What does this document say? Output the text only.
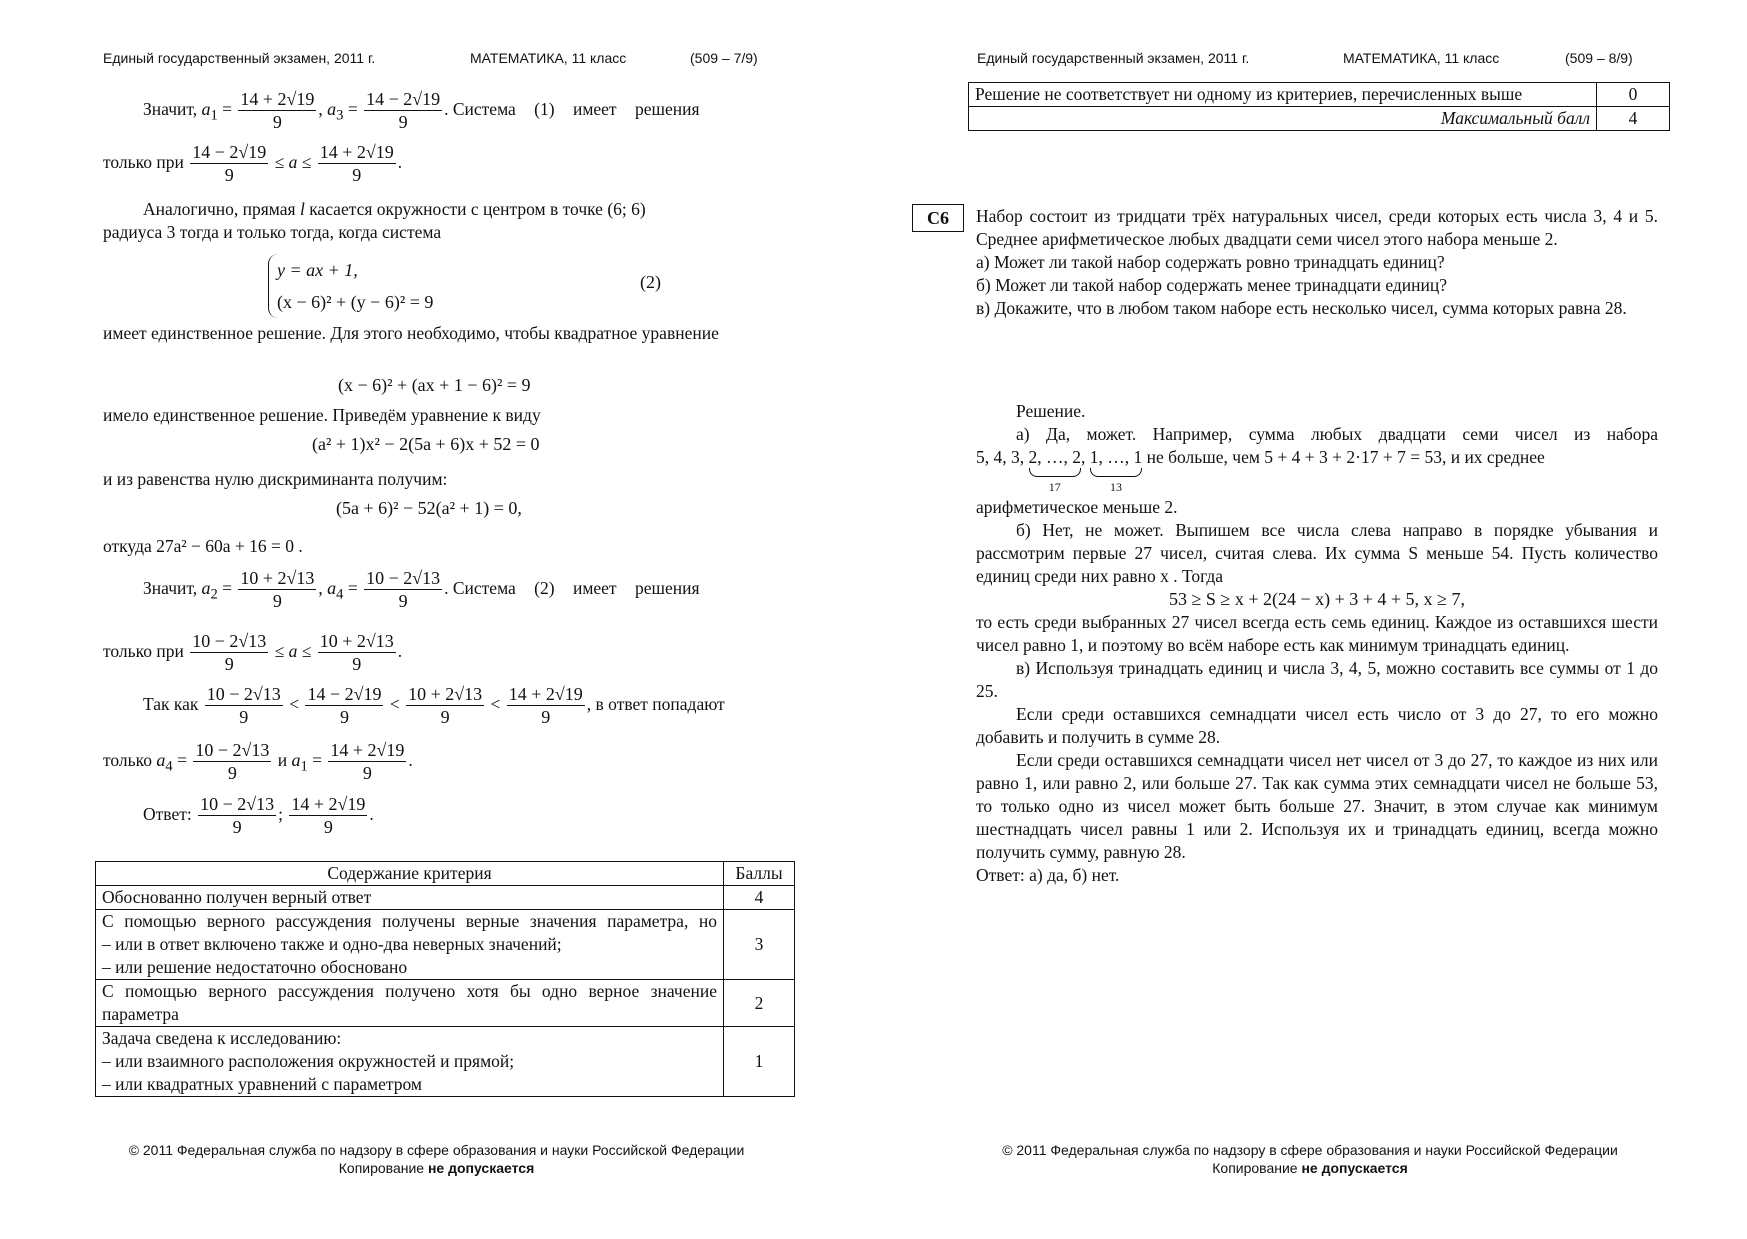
Единый государственный экзамен, 2011 г.	МАТЕМАТИКА, 11 класс	(509 – 7/9)
Значит, $a_1 = \frac{14 + 2√19}{9}$ , $a_3 = \frac{14 - 2√19}{9}$ . Система (1) имеет решения
только при $\frac{14 - 2√19}{9} \le a \le \frac{14 + 2√19}{9}$ .
Аналогично, прямая l касается окружности с центром в точке (6; 6)
радиуса 3 тогда и только тогда, когда система
y = ax + 1,
(x − 6)² + (y − 6)² = 9
(2)
имеет единственное решение. Для этого необходимо, чтобы квадратное уравнение
(x − 6)² + (ax + 1 − 6)² = 9
имело единственное решение. Приведём уравнение к виду
(a² + 1)x² − 2(5a + 6)x + 52 = 0
и из равенства нулю дискриминанта получим:
(5a + 6)² − 52(a² + 1) = 0,
откуда 27a² − 60a + 16 = 0 .
Значит, $a_2 = \frac{10 + 2√13}{9}$ , $a_4 = \frac{10 - 2√13}{9}$ . Система (2) имеет решения
только при $\frac{10 - 2√13}{9} \le a \le \frac{10 + 2√13}{9}$ .
Так как $\frac{10 - 2√13}{9} < \frac{14 - 2√19}{9} < \frac{10 + 2√13}{9} < \frac{14 + 2√19}{9}$ , в ответ попадают
только $a_4 = \frac{10 - 2√13}{9}$ и $a_1 = \frac{14 + 2√19}{9}$ .
Ответ: $\frac{10 - 2√13}{9}$ ; $\frac{14 + 2√19}{9}$ .
Содержание критерия	Баллы

Обоснованно получен верный ответ	4

С помощью верного рассуждения получены верные значения параметра, но
– или в ответ включено также и одно-два неверных значений;
– или решение недостаточно обосновано	3

С помощью верного рассуждения получено хотя бы одно верное значение параметра	2

Задача сведена к исследованию:
– или взаимного расположения окружностей и прямой;
– или квадратных уравнений с параметром	1
© 2011 Федеральная служба по надзору в сфере образования и науки Российской Федерации
Копирование не допускается
Единый государственный экзамен, 2011 г.	МАТЕМАТИКА, 11 класс	(509 – 8/9)
Решение не соответствует ни одному из критериев, перечисленных выше	0
Максимальный балл	4
С6	Набор состоит из тридцати трёх натуральных чисел, среди которых есть числа 3, 4 и 5. Среднее арифметическое любых двадцати семи чисел этого набора меньше 2.
а) Может ли такой набор содержать ровно тринадцать единиц?
б) Может ли такой набор содержать менее тринадцати единиц?
в) Докажите, что в любом таком наборе есть несколько чисел, сумма которых равна 28.
Решение.
а) Да, может. Например, сумма любых двадцати семи чисел из набора
5, 4, 3, 2, …, 2
17
, 1, …, 1
13
не больше, чем 5 + 4 + 3 + 2·17 + 7 = 53, и их среднее
арифметическое меньше 2.
б) Нет, не может. Выпишем все числа слева направо в порядке убывания и рассмотрим первые 27 чисел, считая слева. Их сумма S меньше 54. Пусть количество единиц среди них равно x . Тогда
53 ≥ S ≥ x + 2(24 − x) + 3 + 4 + 5, x ≥ 7,
то есть среди выбранных 27 чисел всегда есть семь единиц. Каждое из оставшихся шести чисел равно 1, и поэтому во всём наборе есть как минимум тринадцать единиц.
в) Используя тринадцать единиц и числа 3, 4, 5, можно составить все суммы от 1 до 25.
Если среди оставшихся семнадцати чисел есть число от 3 до 27, то его можно добавить и получить в сумме 28.
Если среди оставшихся семнадцати чисел нет чисел от 3 до 27, то каждое из них или равно 1, или равно 2, или больше 27. Так как сумма этих семнадцати чисел не больше 53, то только одно из чисел может быть больше 27. Значит, в этом случае как минимум шестнадцать чисел равны 1 или 2. Используя их и тринадцать единиц, всегда можно получить сумму, равную 28.
Ответ: а) да, б) нет.
© 2011 Федеральная служба по надзору в сфере образования и науки Российской Федерации
Копирование не допускается
